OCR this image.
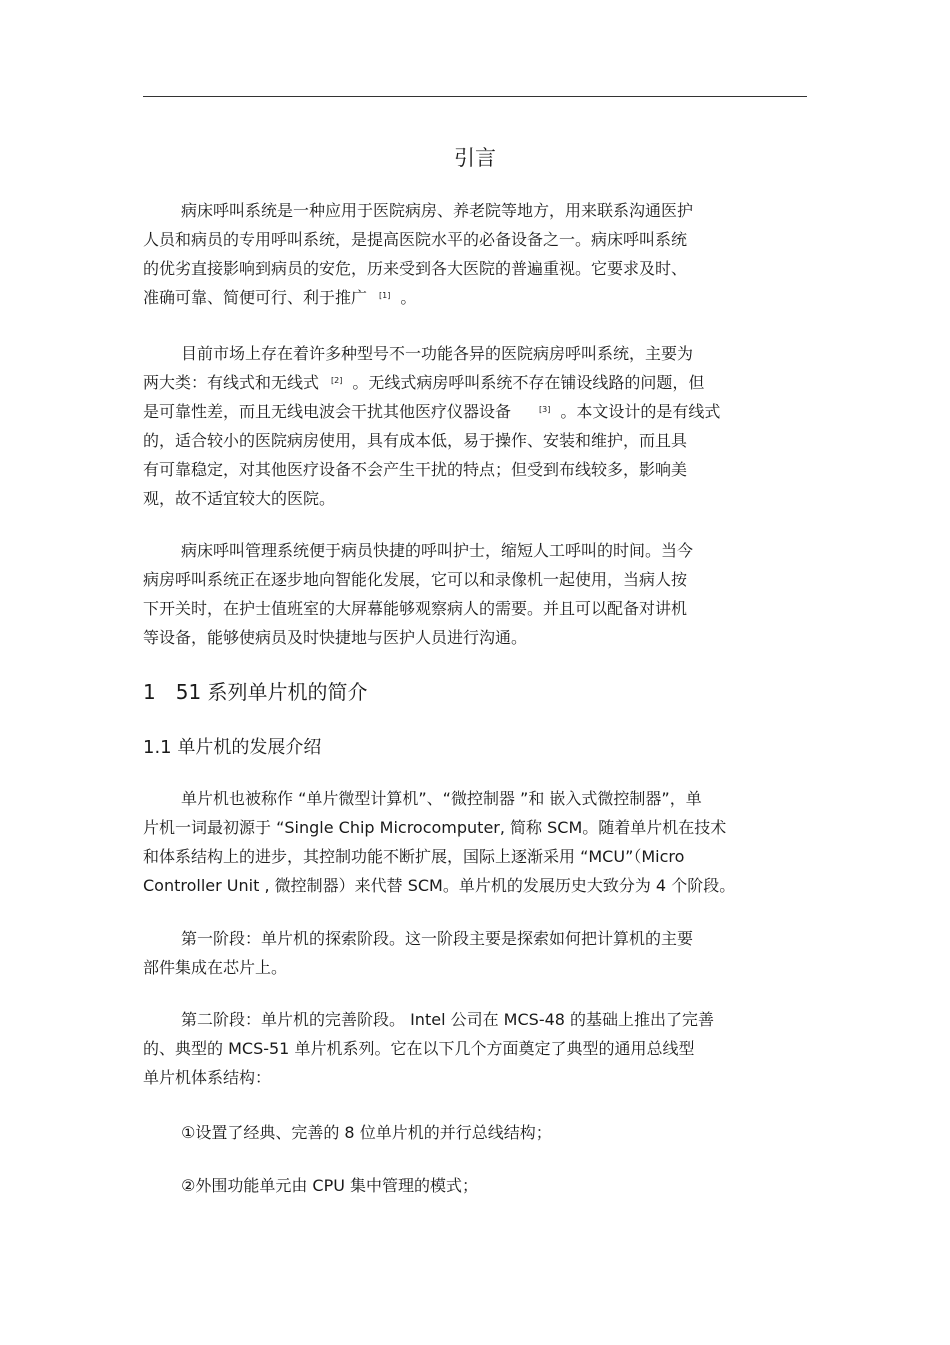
引言
病床呼叫系统是一种应用于医院病房、养老院等地方，用来联系沟通医护
人员和病员的专用呼叫系统，是提高医院水平的必备设备之一。病床呼叫系统
的优劣直接影响到病员的安危，历来受到各大医院的普遍重视。它要求及时、
准确可靠、简便可行、利于推广 [1] 。
目前市场上存在着许多种型号不一功能各异的医院病房呼叫系统，主要为
两大类：有线式和无线式 [2] 。无线式病房呼叫系统不存在铺设线路的问题，但
是可靠性差，而且无线电波会干扰其他医疗仪器设备	[3] 。本文设计的是有线式
的，适合较小的医院病房使用，具有成本低，易于操作、安装和维护，而且具
有可靠稳定，对其他医疗设备不会产生干扰的特点；但受到布线较多，影响美
观，故不适宜较大的医院。
病床呼叫管理系统便于病员快捷的呼叫护士，缩短人工呼叫的时间。当今
病房呼叫系统正在逐步地向智能化发展，它可以和录像机一起使用，当病人按
下开关时，在护士值班室的大屏幕能够观察病人的需要。并且可以配备对讲机
等设备，能够使病员及时快捷地与医护人员进行沟通。
1　51 系列单片机的简介
1.1 单片机的发展介绍
单片机也被称作 “单片微型计算机”、“微控制器 ”和 嵌入式微控制器”，单
片机一词最初源于 “Single Chip Microcomputer, 简称 SCM。随着单片机在技术
和体系结构上的进步，其控制功能不断扩展，国际上逐渐采用 “MCU”（Micro
Controller Unit , 微控制器）来代替 SCM。单片机的发展历史大致分为 4 个阶段。
第一阶段：单片机的探索阶段。这一阶段主要是探索如何把计算机的主要
部件集成在芯片上。
第二阶段：单片机的完善阶段。 Intel 公司在 MCS-48 的基础上推出了完善
的、典型的 MCS-51 单片机系列。它在以下几个方面奠定了典型的通用总线型
单片机体系结构：
①设置了经典、完善的 8 位单片机的并行总线结构；
②外围功能单元由 CPU 集中管理的模式；
